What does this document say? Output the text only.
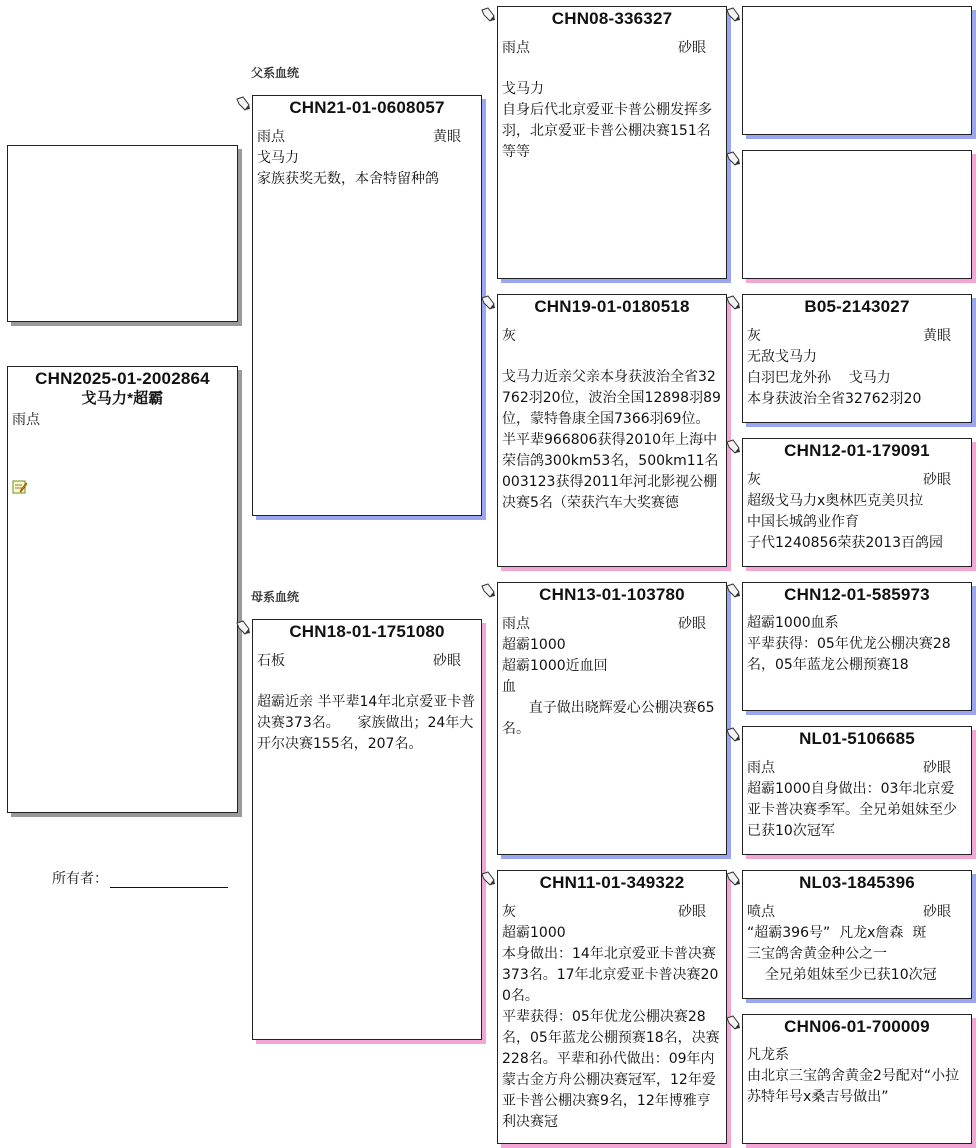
父系血统
母系血统
CHN2025-01-2002864
戈马力*超霸
雨点
所有者：
CHN21-01-0608057
雨点	黄眼
戈马力
家族获奖无数，本舍特留种鸽
CHN18-01-1751080
石板	砂眼
超霸近亲 半平辈14年北京爱亚卡普决赛373名。    家族做出；24年大开尔决赛155名，207名。
CHN08-336327
雨点	砂眼
戈马力
自身后代北京爱亚卡普公棚发挥多羽，北京爱亚卡普公棚决赛151名等等
CHN19-01-0180518
灰
戈马力近亲父亲本身获波治全省32762羽20位，波治全国12898羽89位，蒙特鲁康全国7366羽69位。
半平辈966806获得2010年上海中荣信鸽300km53名，500km11名
003123获得2011年河北影视公棚决赛5名（荣获汽车大奖赛德
CHN13-01-103780
雨点	砂眼
超霸1000
超霸1000近血回
血
直子做出晓辉爱心公棚决赛65名。
CHN11-01-349322
灰	砂眼
超霸1000
本身做出：14年北京爱亚卡普决赛373名。17年北京爱亚卡普决赛200名。
平辈获得：05年优龙公棚决赛28名，05年蓝龙公棚预赛18名，决赛228名。平辈和孙代做出：09年内蒙古金方舟公棚决赛冠军，12年爱亚卡普公棚决赛9名，12年博雅亨利决赛冠
B05-2143027
灰	黄眼
无敌戈马力
白羽巴龙外孙    戈马力
本身获波治全省32762羽20
CHN12-01-179091
灰	砂眼
超级戈马力x奥林匹克美贝拉
中国长城鸽业作育
子代1240856荣获2013百鸽园
CHN12-01-585973
超霸1000血系
平辈获得：05年优龙公棚决赛28名，05年蓝龙公棚预赛18
NL01-5106685
雨点	砂眼
超霸1000自身做出：03年北京爱亚卡普决赛季军。全兄弟姐妹至少已获10次冠军
NL03-1845396
喷点	砂眼
“超霸396号”  凡龙x詹森  斑
三宝鸽舍黄金种公之一
全兄弟姐妹至少已获10次冠
CHN06-01-700009
凡龙系
由北京三宝鸽舍黄金2号配对“小拉苏特年号x桑吉号做出”
